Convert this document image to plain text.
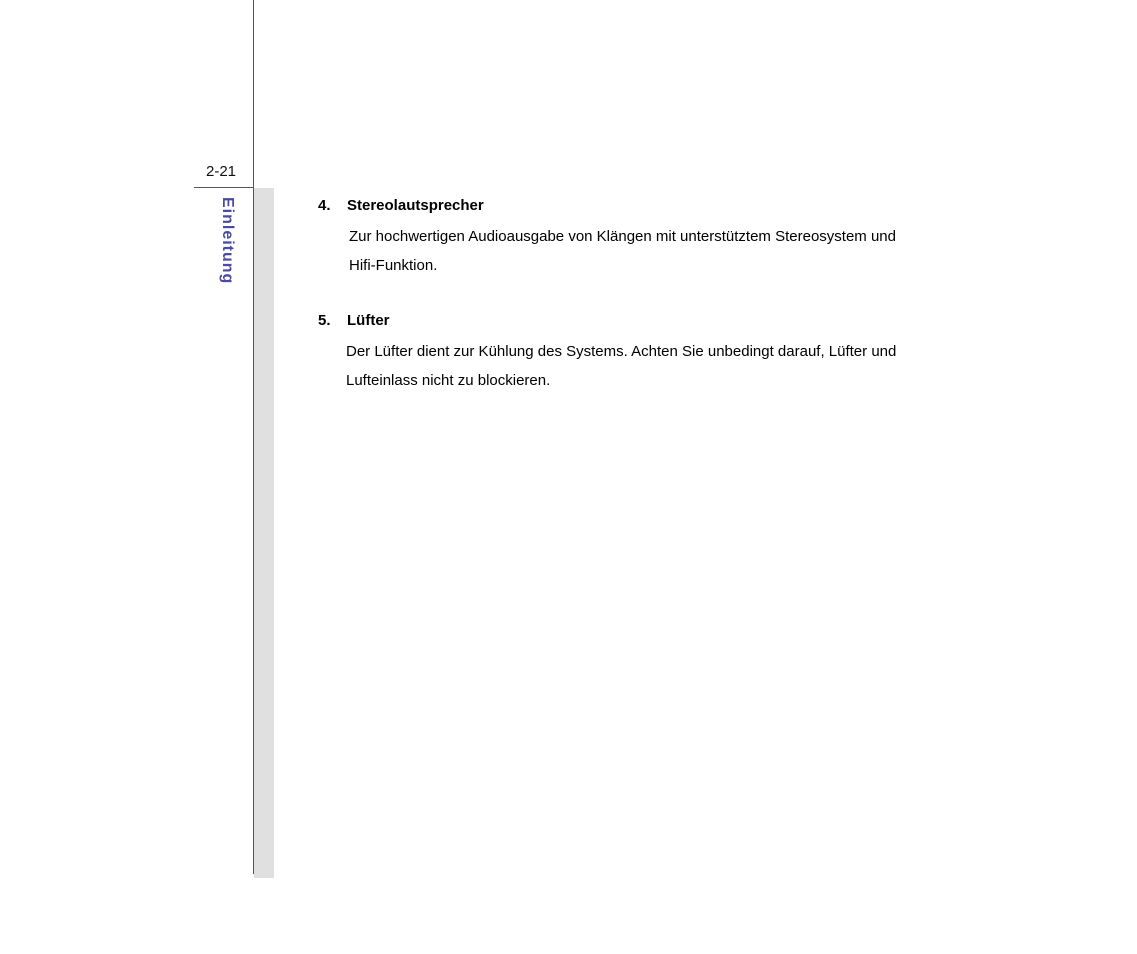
2-21
Einleitung	4.	Stereolautsprecher
Zur hochwertigen Audioausgabe von Klängen mit unterstütztem Stereosystem und
Hifi-Funktion.
5.	Lüfter
Der Lüfter dient zur Kühlung des Systems. Achten Sie unbedingt darauf, Lüfter und
Lufteinlass nicht zu blockieren.
